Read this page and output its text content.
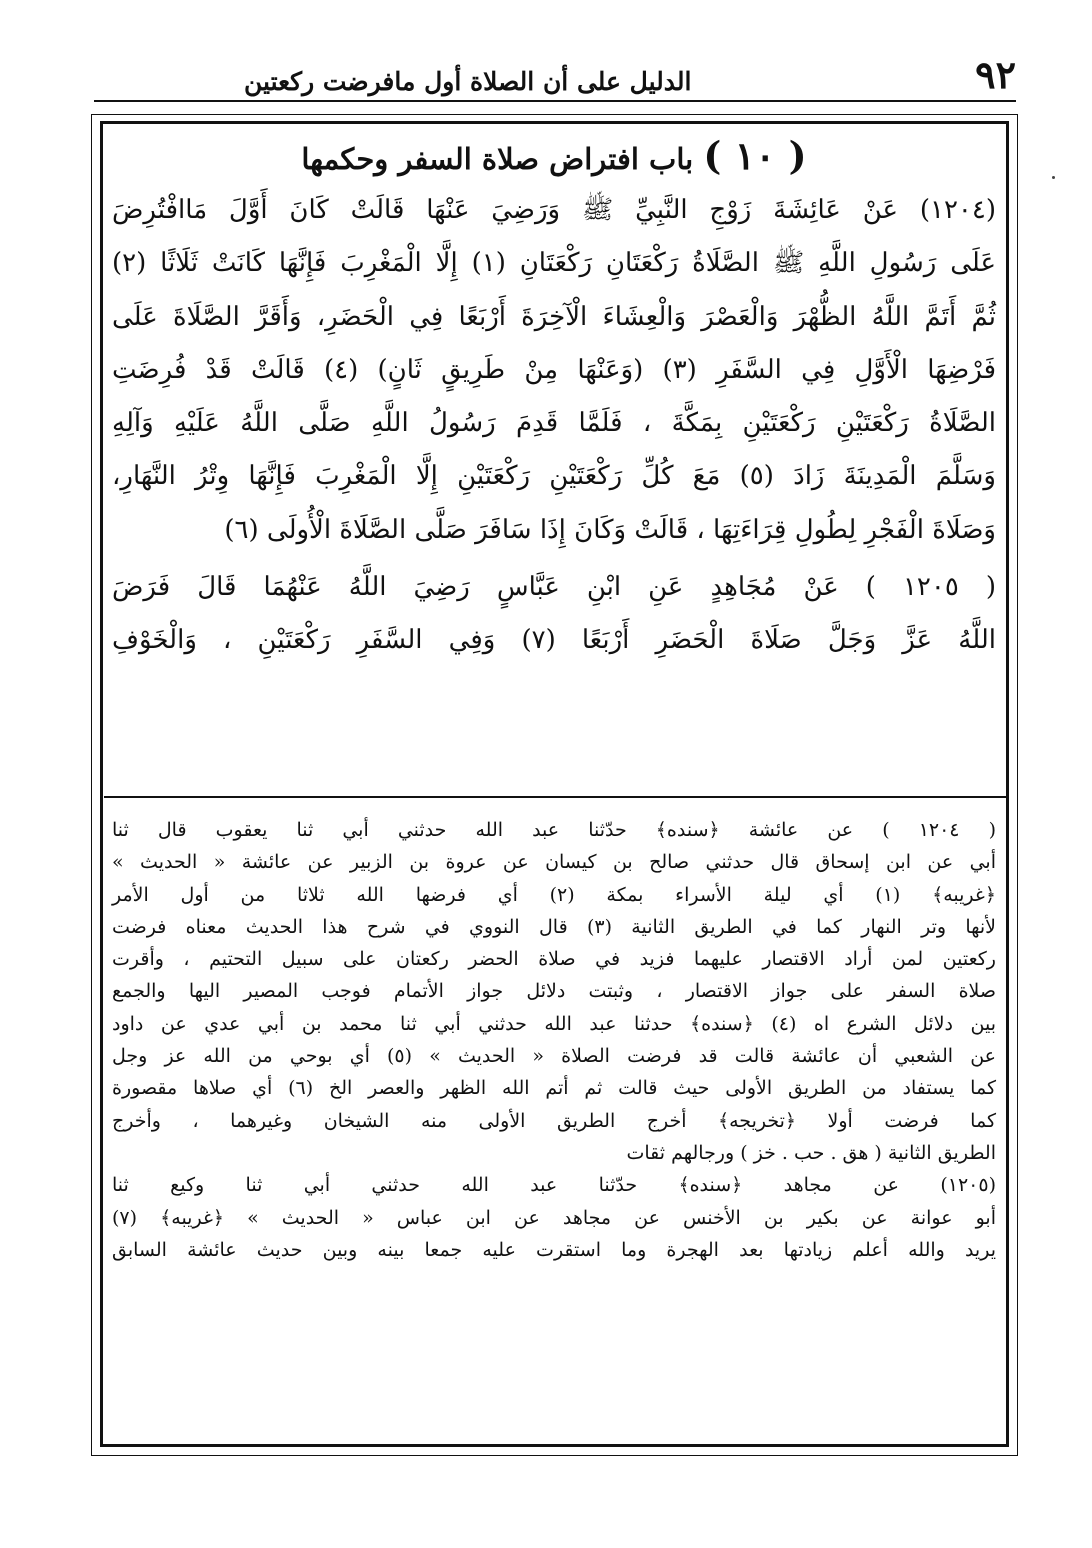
٩٢
الدليل على أن الصلاة أول مافرضت ركعتين
( ١٠ ) باب افتراض صلاة السفر وحكمها
(١٢٠٤) عَنْ عَائِشَةَ زَوْجِ النَّبِيِّ ﷺ وَرَضِيَ عَنْهَا قَالَتْ كَانَ أَوَّلَ مَاافْتُرِضَ
عَلَى رَسُولِ اللَّهِ ﷺ الصَّلَاةُ رَكْعَتَانِ رَكْعَتَانِ (١) إِلَّا الْمَغْرِبَ فَإِنَّهَا كَانَتْ ثَلَاثًا (٢)
ثُمَّ أَتَمَّ اللَّهُ الظُّهْرَ وَالْعَصْرَ وَالْعِشَاءَ الْآخِرَةَ أَرْبَعًا فِي الْحَضَرِ، وَأَقَرَّ الصَّلَاةَ عَلَى
فَرْضِهَا الْأَوَّلِ فِي السَّفَرِ (٣) (وَعَنْهَا مِنْ طَرِيقٍ ثَانٍ) (٤) قَالَتْ قَدْ فُرِضَتِ
الصَّلَاةُ رَكْعَتَيْنِ رَكْعَتَيْنِ بِمَكَّةَ ، فَلَمَّا قَدِمَ رَسُولُ اللَّهِ صَلَّى اللَّهُ عَلَيْهِ وَآلِهِ
وَسَلَّمَ الْمَدِينَةَ زَادَ (٥) مَعَ كُلِّ رَكْعَتَيْنِ رَكْعَتَيْنِ إِلَّا الْمَغْرِبَ فَإِنَّهَا وِتْرُ النَّهَارِ،
وَصَلَاةَ الْفَجْرِ لِطُولِ قِرَاءَتِهَا ، قَالَتْ وَكَانَ إِذَا سَافَرَ صَلَّى الصَّلَاةَ الْأُولَى (٦)
( ١٢٠٥ ) عَنْ مُجَاهِدٍ عَنِ ابْنِ عَبَّاسٍ رَضِيَ اللَّهُ عَنْهُمَا قَالَ فَرَضَ
اللَّهُ عَزَّ وَجَلَّ صَلَاةَ الْحَضَرِ أَرْبَعًا (٧) وَفِي السَّفَرِ رَكْعَتَيْنِ ، وَالْخَوْفِ
( ١٢٠٤ ) عن عائشة ﴿سنده﴾ حدّثنا عبد الله حدثني أبي ثنا يعقوب قال ثنا
أبي عن ابن إسحاق قال حدثني صالح بن كيسان عن عروة بن الزبير عن عائشة « الحديث »
﴿غريبه﴾ (١) أي ليلة الأسراء بمكة (٢) أي فرضها الله ثلاثا من أول الأمر
لأنها وتر النهار كما في الطريق الثانية (٣) قال النووي في شرح هذا الحديث معناه فرضت
ركعتين لمن أراد الاقتصار عليهما فزيد في صلاة الحضر ركعتان على سبيل التحتيم ، وأقرت
صلاة السفر على جواز الاقتصار ، وثبتت دلائل جواز الأتمام فوجب المصير اليها والجمع
بين دلائل الشرع اه (٤) ﴿سنده﴾ حدثنا عبد الله حدثني أبي ثنا محمد بن أبي عدي عن داود
عن الشعبي أن عائشة قالت قد فرضت الصلاة « الحديث » (٥) أي بوحي من الله عز وجل
كما يستفاد من الطريق الأولى حيث قالت ثم أتم الله الظهر والعصر الخ (٦) أي صلاها مقصورة
كما فرضت أولا ﴿تخريجه﴾ أخرج الطريق الأولى منه الشيخان وغيرهما ، وأخرج
الطريق الثانية ( هق . حب . خز ) ورجالهم ثقات
(١٢٠٥) عن مجاهد ﴿سنده﴾ حدّثنا عبد الله حدثني أبي ثنا وكيع ثنا
أبو عوانة عن بكير بن الأخنس عن مجاهد عن ابن عباس « الحديث » ﴿غريبه﴾ (٧)
يريد والله أعلم زيادتها بعد الهجرة وما استقرت عليه جمعا بينه وبين حديث عائشة السابق
